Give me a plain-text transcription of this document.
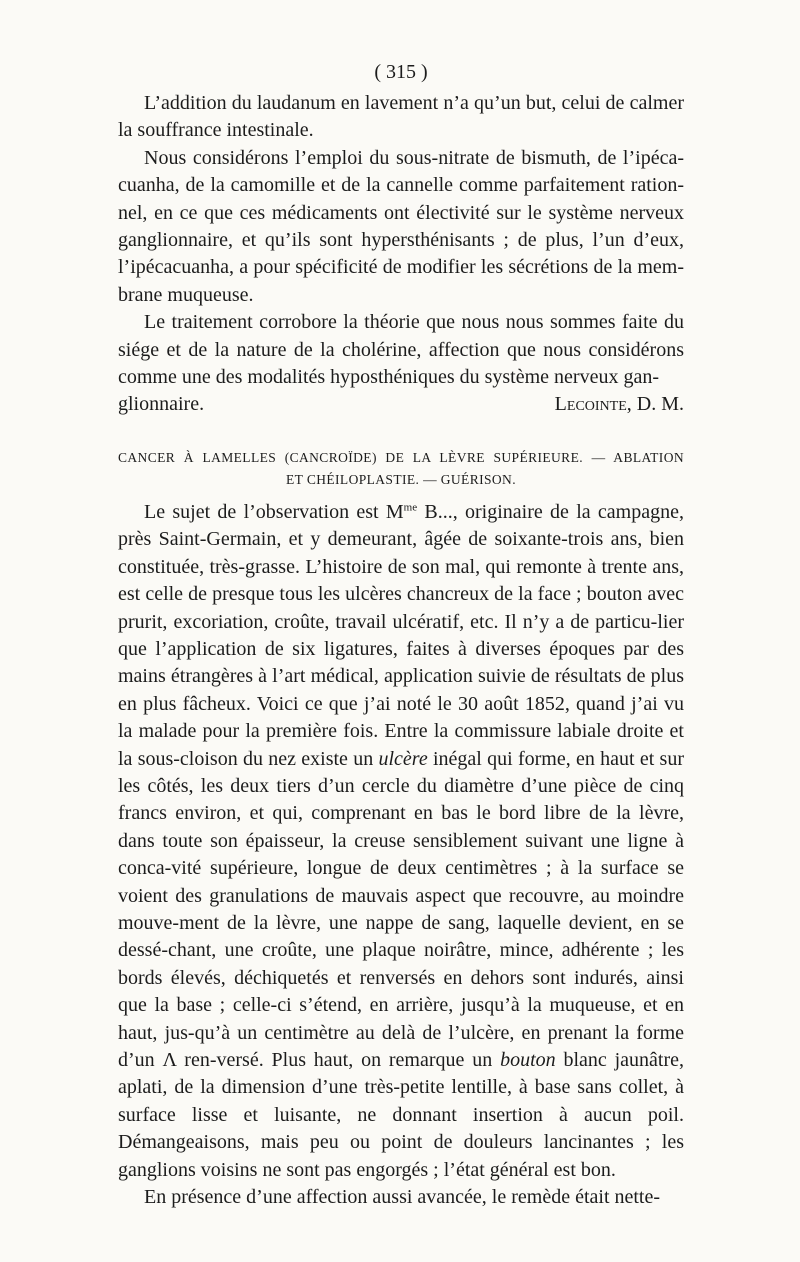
( 315 )

L’addition du laudanum en lavement n’a qu’un but, celui de calmer la souffrance intestinale.

Nous considérons l’emploi du sous-nitrate de bismuth, de l’ipéca-cuanha, de la camomille et de la cannelle comme parfaitement ration-nel, en ce que ces médicaments ont électivité sur le système nerveux ganglionnaire, et qu’ils sont hypersthénisants ; de plus, l’un d’eux, l’ipécacuanha, a pour spécificité de modifier les sécrétions de la mem-brane muqueuse.

Le traitement corrobore la théorie que nous nous sommes faite du siége et de la nature de la cholérine, affection que nous considérons comme une des modalités hyposthéniques du système nerveux gan-

glionnaire.	Lecointe, D. M.
CANCER À LAMELLES (CANCROÏDE) DE LA LÈVRE SUPÉRIEURE. — ABLATION
ET CHÉILOPLASTIE. — GUÉRISON.

Le sujet de l’observation est $M^{me}$ B..., originaire de la campagne, près Saint-Germain, et y demeurant, âgée de soixante-trois ans, bien constituée, très-grasse. L’histoire de son mal, qui remonte à trente ans, est celle de presque tous les ulcères chancreux de la face ; bouton avec prurit, excoriation, croûte, travail ulcératif, etc. Il n’y a de particu-lier que l’application de six ligatures, faites à diverses époques par des mains étrangères à l’art médical, application suivie de résultats de plus en plus fâcheux. Voici ce que j’ai noté le 30 août 1852, quand j’ai vu la malade pour la première fois. Entre la commissure labiale droite et la sous-cloison du nez existe un ulcère inégal qui forme, en haut et sur les côtés, les deux tiers d’un cercle du diamètre d’une pièce de cinq francs environ, et qui, comprenant en bas le bord libre de la lèvre, dans toute son épaisseur, la creuse sensiblement suivant une ligne à conca-vité supérieure, longue de deux centimètres ; à la surface se voient des granulations de mauvais aspect que recouvre, au moindre mouve-ment de la lèvre, une nappe de sang, laquelle devient, en se dessé-chant, une croûte, une plaque noirâtre, mince, adhérente ; les bords élevés, déchiquetés et renversés en dehors sont indurés, ainsi que la base ; celle-ci s’étend, en arrière, jusqu’à la muqueuse, et en haut, jus-qu’à un centimètre au delà de l’ulcère, en prenant la forme d’un Λ ren-versé. Plus haut, on remarque un bouton blanc jaunâtre, aplati, de la dimension d’une très-petite lentille, à base sans collet, à surface lisse et luisante, ne donnant insertion à aucun poil. Démangeaisons, mais peu ou point de douleurs lancinantes ; les ganglions voisins ne sont pas engorgés ; l’état général est bon.

En présence d’une affection aussi avancée, le remède était nette-
